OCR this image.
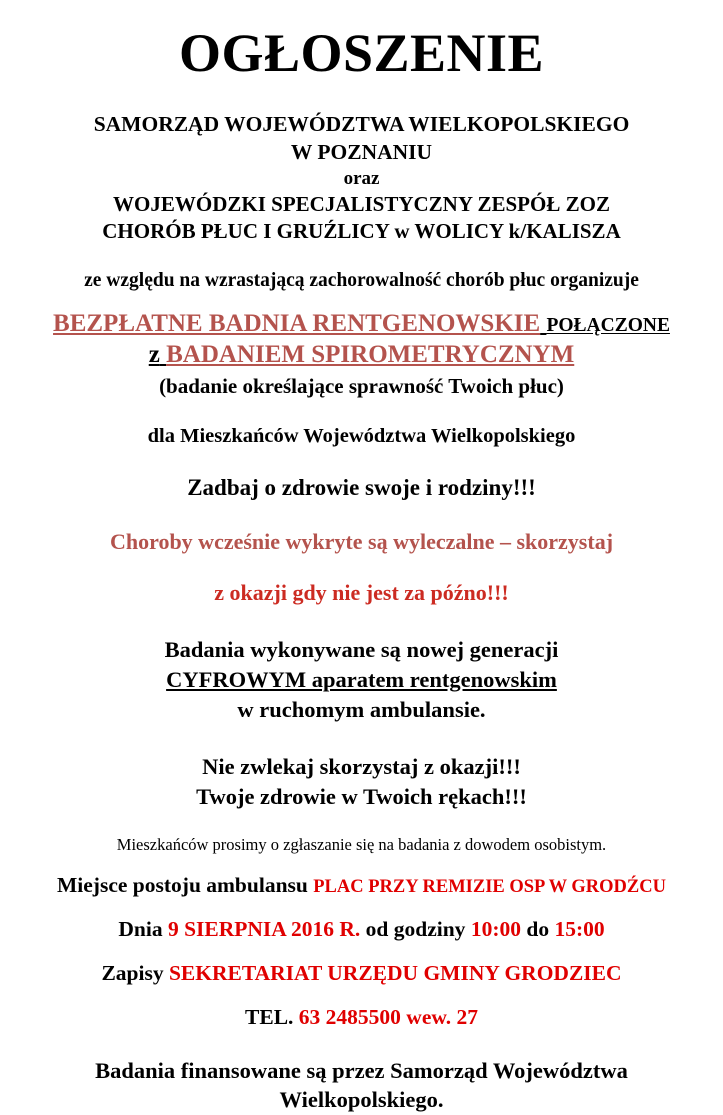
OGŁOSZENIE
SAMORZĄD WOJEWÓDZTWA WIELKOPOLSKIEGO
W POZNANIU
oraz
WOJEWÓDZKI SPECJALISTYCZNY ZESPÓŁ ZOZ
CHORÓB PŁUC I GRUŹLICY w WOLICY k/KALISZA
ze względu na wzrastającą zachorowalność chorób płuc organizuje
BEZPŁATNE BADNIA RENTGENOWSKIE POŁĄCZONE
z BADANIEM SPIROMETRYCZNYM
(badanie określające sprawność Twoich płuc)
dla Mieszkańców Województwa Wielkopolskiego
Zadbaj o zdrowie swoje i rodziny!!!
Choroby wcześnie wykryte są wyleczalne – skorzystaj
z okazji gdy nie jest za późno!!!
Badania wykonywane są nowej generacji
CYFROWYM aparatem rentgenowskim
w ruchomym ambulansie.
Nie zwlekaj skorzystaj z okazji!!!
Twoje zdrowie w Twoich rękach!!!
Mieszkańców prosimy o zgłaszanie się na badania z dowodem osobistym.
Miejsce postoju ambulansu PLAC PRZY REMIZIE OSP W GRODŹCU
Dnia 9 SIERPNIA 2016 R. od godziny 10:00 do 15:00
Zapisy SEKRETARIAT URZĘDU GMINY GRODZIEC
TEL. 63 2485500 wew. 27
Badania finansowane są przez Samorząd Województwa
Wielkopolskiego.
